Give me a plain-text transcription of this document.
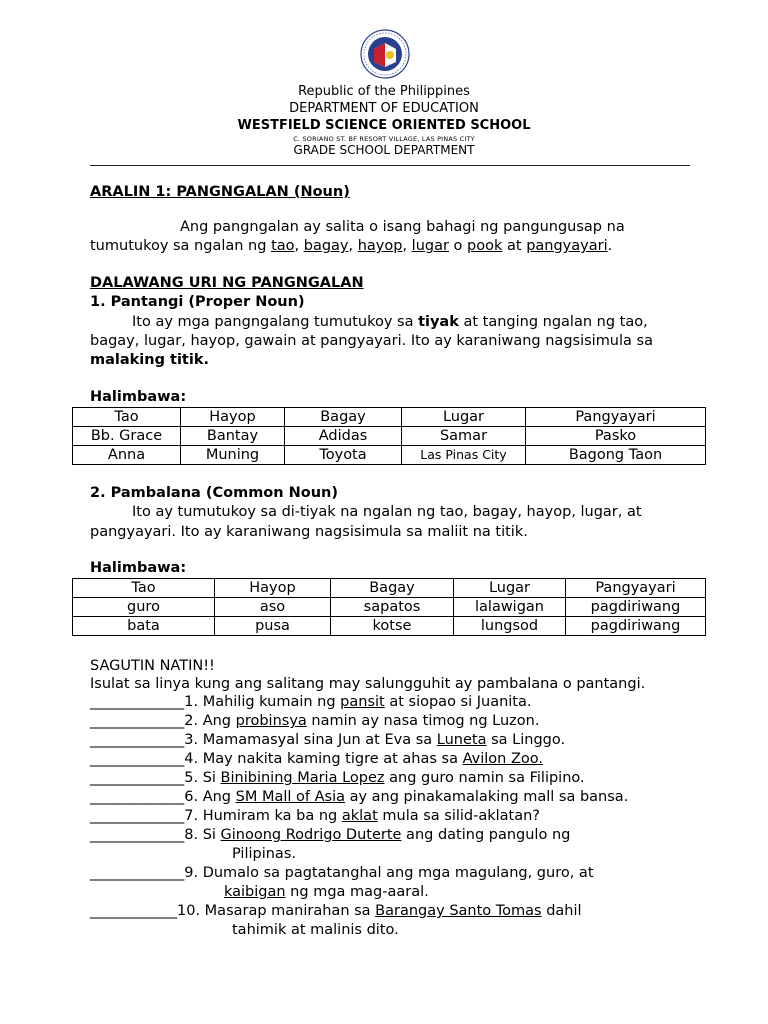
Republic of the Philippines
DEPARTMENT OF EDUCATION
WESTFIELD SCIENCE ORIENTED SCHOOL
C. SORIANO ST. BF RESORT VILLAGE, LAS PINAS CITY
GRADE SCHOOL DEPARTMENT
ARALIN 1: PANGNGALAN (Noun)
Ang pangngalan ay salita o isang bahagi ng pangungusap na
tumutukoy sa ngalan ng tao, bagay, hayop, lugar o pook at pangyayari.
DALAWANG URI NG PANGNGALAN
1. Pantangi (Proper Noun)
Ito ay mga pangngalang tumutukoy sa tiyak at tanging ngalan ng tao,
bagay, lugar, hayop, gawain at pangyayari. Ito ay karaniwang nagsisimula sa
malaking titik.
Halimbawa:
Tao	Hayop	Bagay	Lugar	Pangyayari
Bb. Grace	Bantay	Adidas	Samar	Pasko
Anna	Muning	Toyota	Las Pinas City	Bagong Taon
2. Pambalana (Common Noun)
Ito ay tumutukoy sa di-tiyak na ngalan ng tao, bagay, hayop, lugar, at
pangyayari. Ito ay karaniwang nagsisimula sa maliit na titik.
Halimbawa:
Tao	Hayop	Bagay	Lugar	Pangyayari
guro	aso	sapatos	lalawigan	pagdiriwang
bata	pusa	kotse	lungsod	pagdiriwang
SAGUTIN NATIN!!
Isulat sa linya kung ang salitang may salungguhit ay pambalana o pantangi.
_____________1. Mahilig kumain ng pansit at siopao si Juanita.
_____________2. Ang probinsya namin ay nasa timog ng Luzon.
_____________3. Mamamasyal sina Jun at Eva sa Luneta sa Linggo.
_____________4. May nakita kaming tigre at ahas sa Avilon Zoo.
_____________5. Si Binibining Maria Lopez ang guro namin sa Filipino.
_____________6. Ang SM Mall of Asia ay ang pinakamalaking mall sa bansa.
_____________7. Humiram ka ba ng aklat mula sa silid-aklatan?
_____________8. Si Ginoong Rodrigo Duterte ang dating pangulo ng
Pilipinas.
_____________9. Dumalo sa pagtatanghal ang mga magulang, guro, at
kaibigan ng mga mag-aaral.
____________10. Masarap manirahan sa Barangay Santo Tomas dahil
tahimik at malinis dito.
